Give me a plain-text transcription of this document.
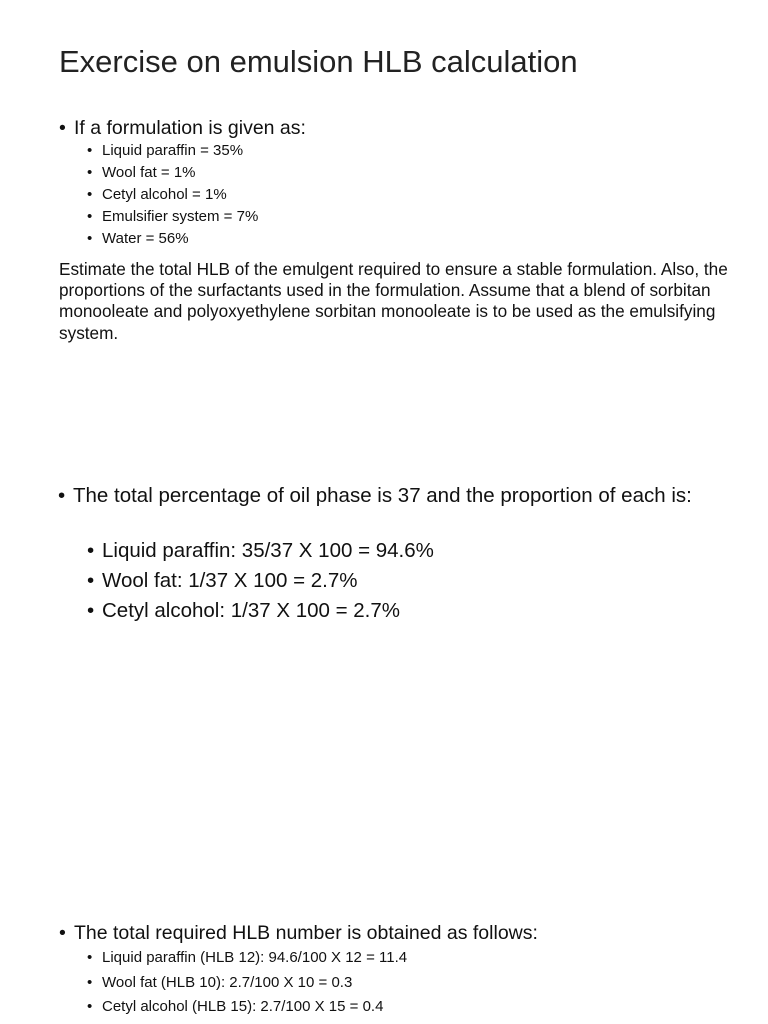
Exercise on emulsion HLB calculation
• If a formulation is given as:
• Liquid paraffin = 35%
• Wool fat = 1%
• Cetyl alcohol = 1%
• Emulsifier system = 7%
• Water = 56%

Estimate the total HLB of the emulgent required to ensure a stable formulation. Also, the proportions of the surfactants used in the formulation. Assume that a blend of sorbitan monooleate and polyoxyethylene sorbitan monooleate is to be used as the emulsifying system.

• The total percentage of oil phase is 37 and the proportion of each is:
• Liquid paraffin: 35/37 X 100 = 94.6%
• Wool fat: 1/37 X 100 = 2.7%
• Cetyl alcohol: 1/37 X 100 = 2.7%
• The total required HLB number is obtained as follows:
• Liquid paraffin (HLB 12): 94.6/100 X 12 = 11.4
• Wool fat (HLB 10): 2.7/100 X 10 = 0.3
• Cetyl alcohol (HLB 15): 2.7/100 X 15 = 0.4
